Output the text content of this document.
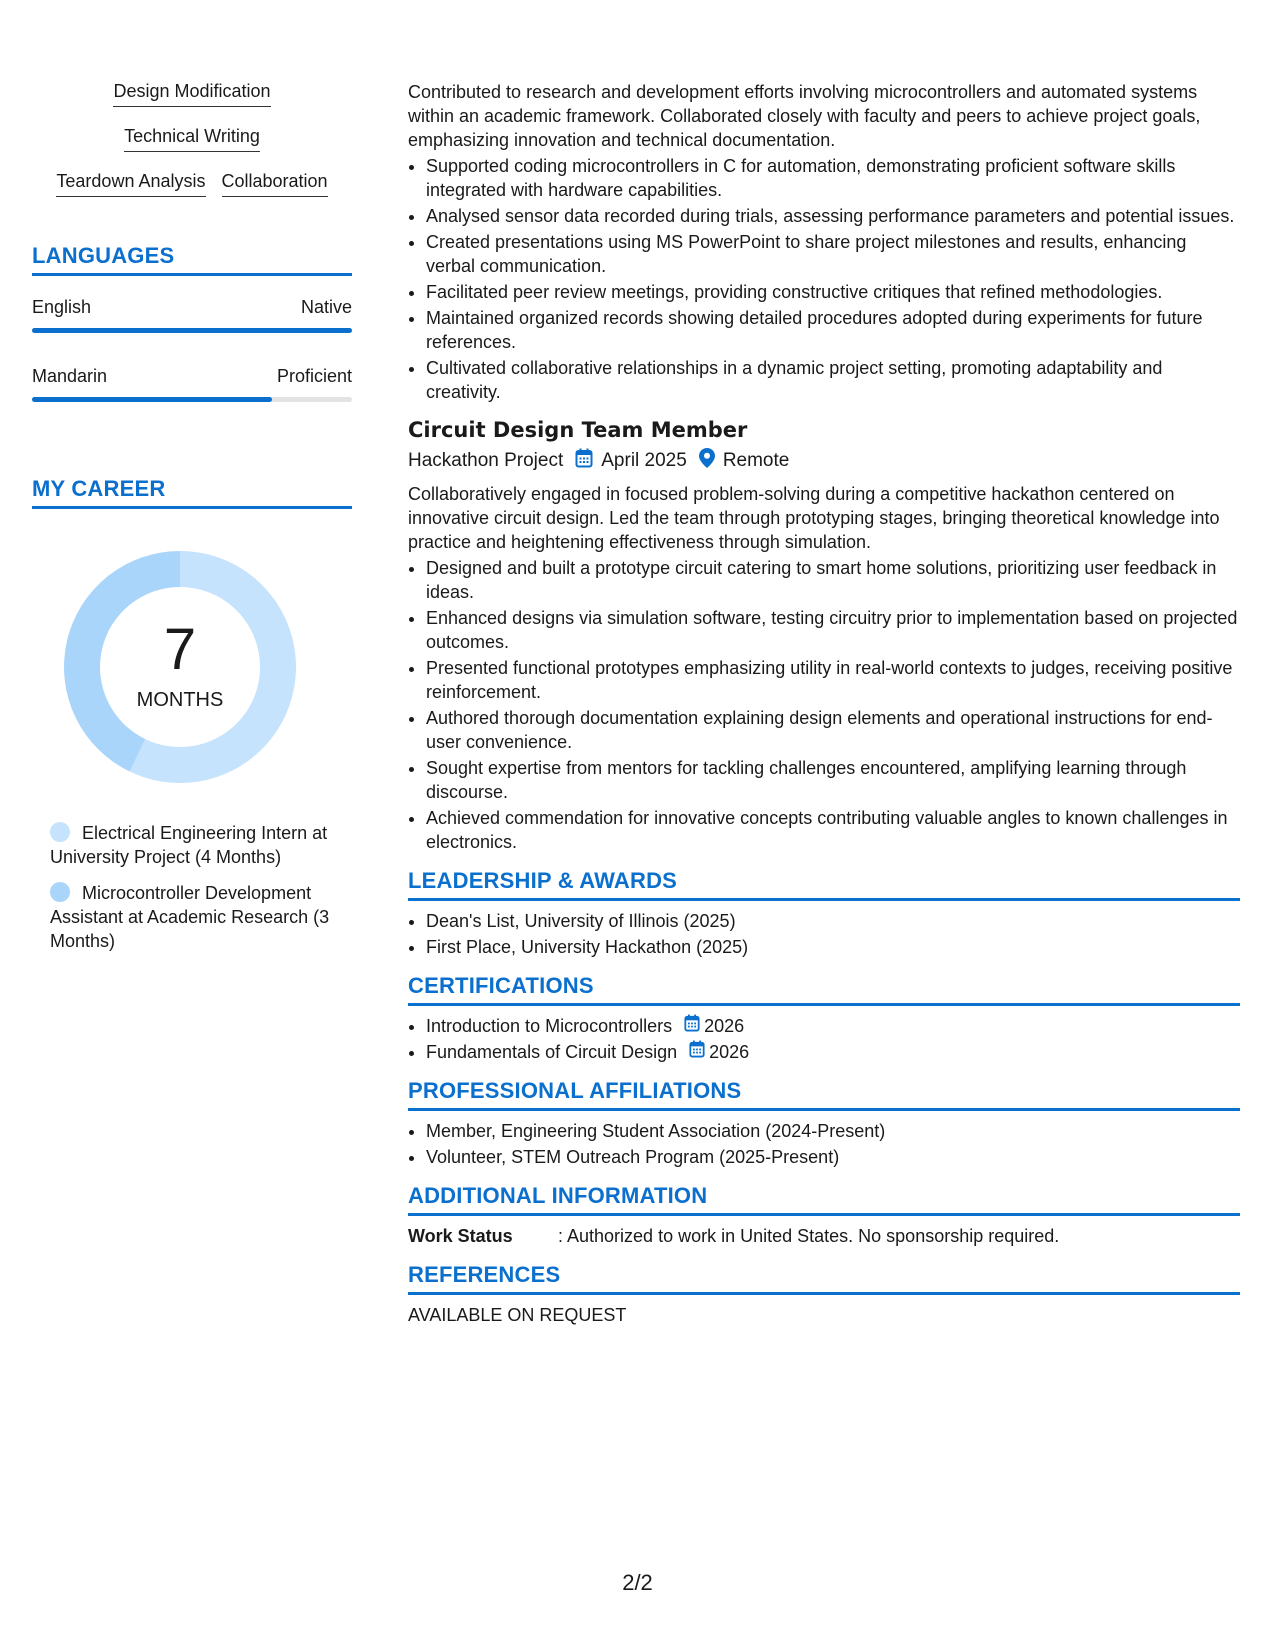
Design Modification
Technical Writing
Teardown Analysis Collaboration
LANGUAGES
English	Native
Mandarin	Proficient
MY CAREER
7
MONTHS
Electrical Engineering Intern at University Project (4 Months)
Microcontroller Development Assistant at Academic Research (3 Months)

Contributed to research and development efforts involving microcontrollers and automated systems within an academic framework. Collaborated closely with faculty and peers to achieve project goals, emphasizing innovation and technical documentation.

• Supported coding microcontrollers in C for automation, demonstrating proficient software skills integrated with hardware capabilities.
• Analysed sensor data recorded during trials, assessing performance parameters and potential issues.
• Created presentations using MS PowerPoint to share project milestones and results, enhancing verbal communication.
• Facilitated peer review meetings, providing constructive critiques that refined methodologies.
• Maintained organized records showing detailed procedures adopted during experiments for future references.
• Cultivated collaborative relationships in a dynamic project setting, promoting adaptability and creativity.
Circuit Design Team Member
Hackathon Project April 2025 Remote

Collaboratively engaged in focused problem-solving during a competitive hackathon centered on innovative circuit design. Led the team through prototyping stages, bringing theoretical knowledge into practice and heightening effectiveness through simulation.

• Designed and built a prototype circuit catering to smart home solutions, prioritizing user feedback in ideas.
• Enhanced designs via simulation software, testing circuitry prior to implementation based on projected outcomes.
• Presented functional prototypes emphasizing utility in real-world contexts to judges, receiving positive reinforcement.
• Authored thorough documentation explaining design elements and operational instructions for end-user convenience.
• Sought expertise from mentors for tackling challenges encountered, amplifying learning through discourse.
• Achieved commendation for innovative concepts contributing valuable angles to known challenges in electronics.
LEADERSHIP & AWARDS
• Dean's List, University of Illinois (2025)
• First Place, University Hackathon (2025)
CERTIFICATIONS
• Introduction to Microcontrollers 2026
• Fundamentals of Circuit Design 2026
PROFESSIONAL AFFILIATIONS
• Member, Engineering Student Association (2024-Present)
• Volunteer, STEM Outreach Program (2025-Present)
ADDITIONAL INFORMATION
Work Status	: Authorized to work in United States. No sponsorship required.
REFERENCES

AVAILABLE ON REQUEST

2/2
